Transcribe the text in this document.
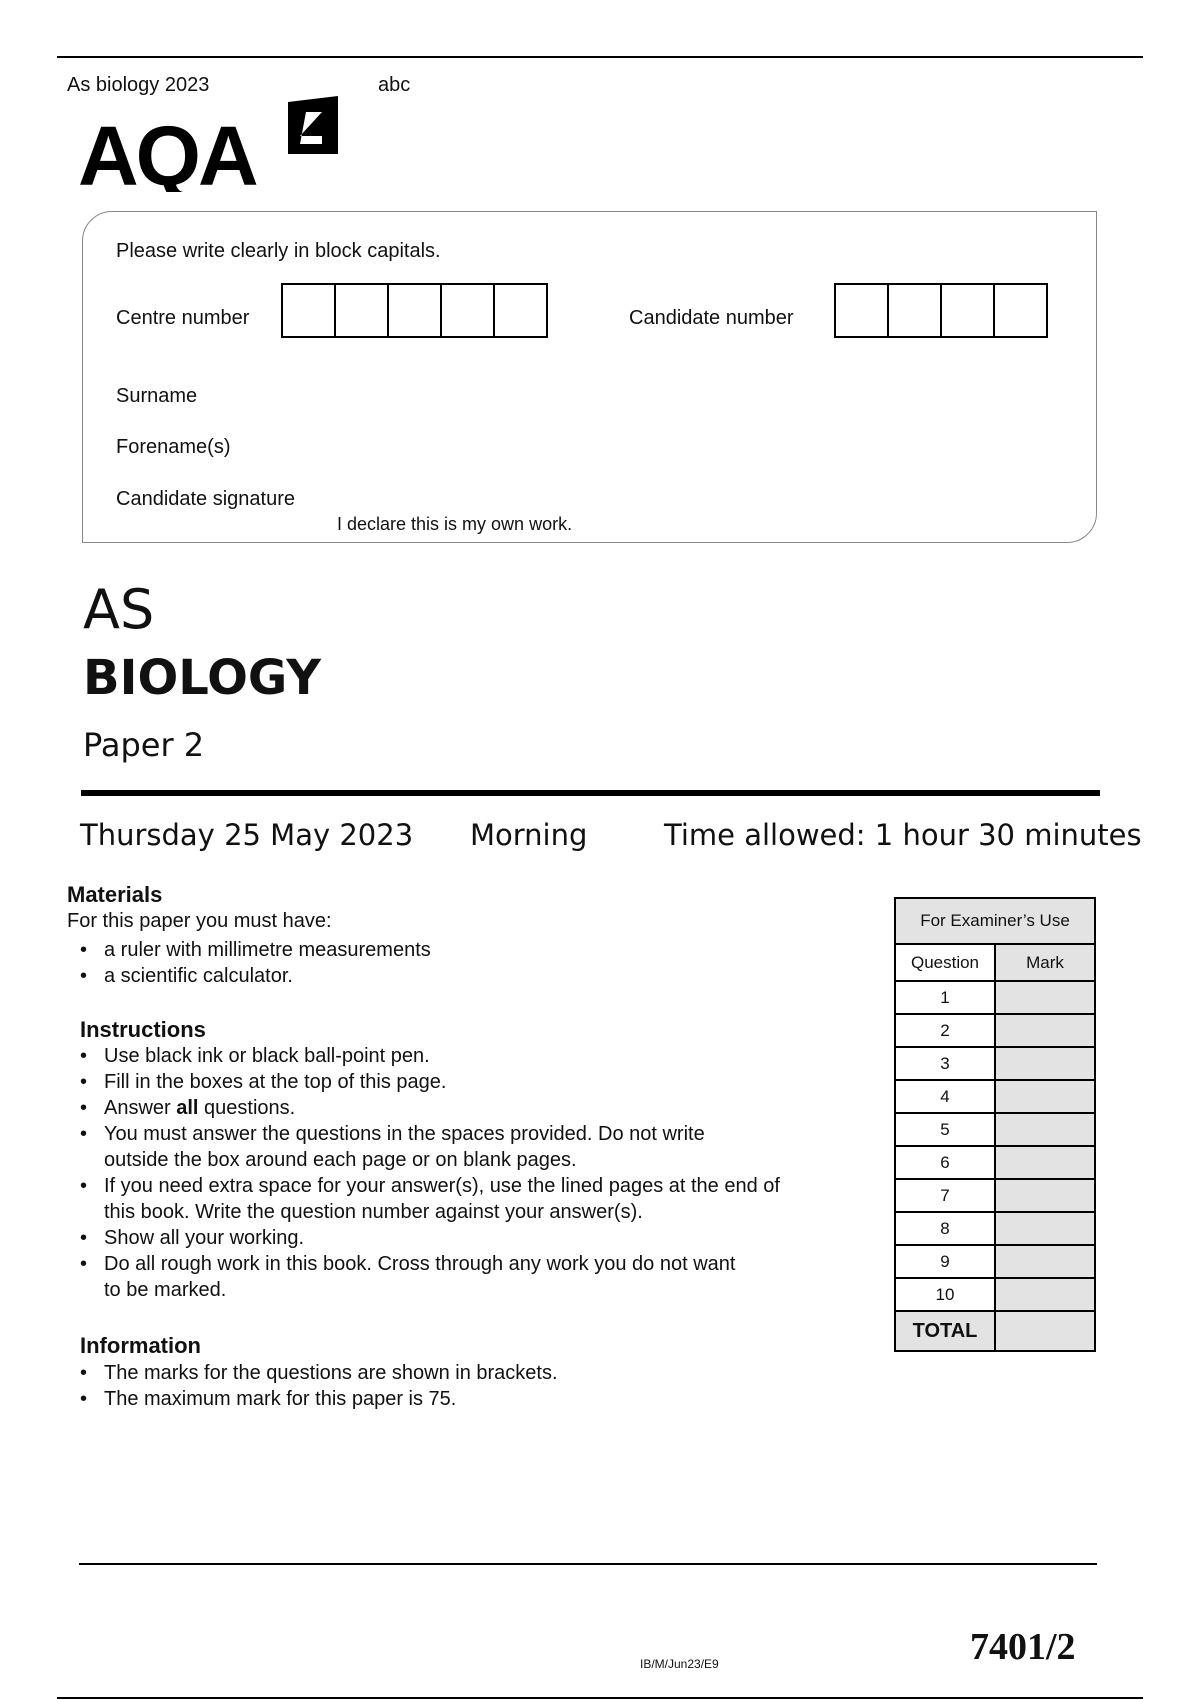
As biology 2023	abc
AQA
Please write clearly in block capitals.
Centre number	Candidate number
Surname
Forename(s)
Candidate signature
I declare this is my own work.
AS
BIOLOGY
Paper 2
Thursday 25 May 2023 Morning	Time allowed: 1 hour 30 minutes
Materials
For this paper you must have:
• a ruler with millimetre measurements
• a scientific calculator.
Instructions
• Use black ink or black ball-point pen.
• Fill in the boxes at the top of this page.
• Answer all questions.
• You must answer the questions in the spaces provided. Do not write
outside the box around each page or on blank pages.
• If you need extra space for your answer(s), use the lined pages at the end of
this book. Write the question number against your answer(s).
• Show all your working.
• Do all rough work in this book. Cross through any work you do not want
to be marked.
Information
• The marks for the questions are shown in brackets.
• The maximum mark for this paper is 75.
For Examiner’s Use	
Question	Mark
1	
2	
3	
4	
5	
6	
7	
8	
9	
10	
TOTAL	
IB/M/Jun23/E9	7401/2
